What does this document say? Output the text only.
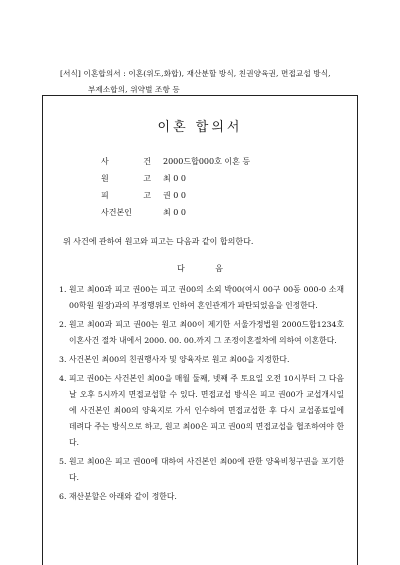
[서식] 이혼합의서 : 이혼(위도,화합), 재산분할 방식, 친권양육권, 면접교섭 방식,
부제소합의, 위약벌 조항 등
이혼 합의서
사	건 2000드합000호 이혼 등
원	고 최 0 0
피	고 권 0 0
사건본인	최 0 0
위 사건에 관하여 원고와 피고는 다음과 같이 합의한다.
다 음
1. 원고 최00과 피고 권00는 피고 권00의 소외 박00(여시 00구 00동 000-0 소재 00학원 원장)과의 부정행위로 인하여 혼인관계가 파탄되었음을 인정한다.
2. 원고 최00과 피고 권00는 원고 최00이 제기한 서울가정법원 2000드합1234호 이혼사건 절차 내에서 2000. 00. 00.까지 그 조정이혼절차에 의하여 이혼한다.
3. 사건본인 최00의 친권행사자 및 양육자로 원고 최00을 지정한다.
4. 피고 권00는 사건본인 최00을 매월 둘째, 넷째 주 토요일 오전 10시부터 그 다음날 오후 5시까지 면접교섭할 수 있다. 면접교섭 방식은 피고 권00가 교섭개시일에 사건본인 최00의 양육지로 가서 인수하여 면접교섭한 후 다시 교섭종료일에 데려다 주는 방식으로 하고, 원고 최00은 피고 권00의 면접교섭을 협조하여야 한다.
5. 원고 최00은 피고 권00에 대하여 사건본인 최00에 관한 양육비청구권을 포기한다.
6. 재산분할은 아래와 같이 정한다.
